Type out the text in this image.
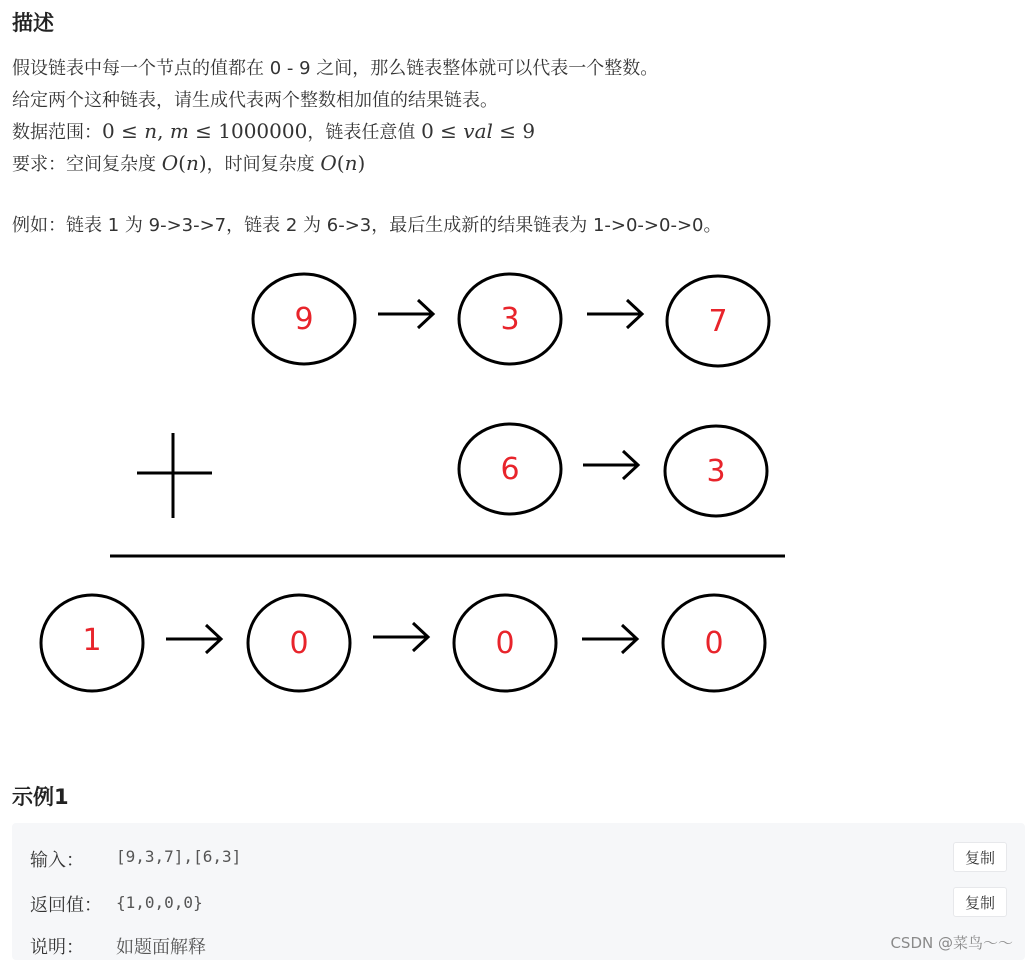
描述
假设链表中每一个节点的值都在 0 - 9 之间，那么链表整体就可以代表一个整数。
给定两个这种链表，请生成代表两个整数相加值的结果链表。
数据范围：0 ≤ n, m ≤ 1000000，链表任意值 0 ≤ val ≤ 9
要求：空间复杂度 O(n)，时间复杂度 O(n)
例如：链表 1 为 9->3->7，链表 2 为 6->3，最后生成新的结果链表为 1->0->0->0。
9	3	7
6	3
1	0	0	0
示例1
输入： [9,3,7],[6,3]	复制
返回值： {1,0,0,0}	复制
说明： 如题面解释	CSDN @菜鸟～～
